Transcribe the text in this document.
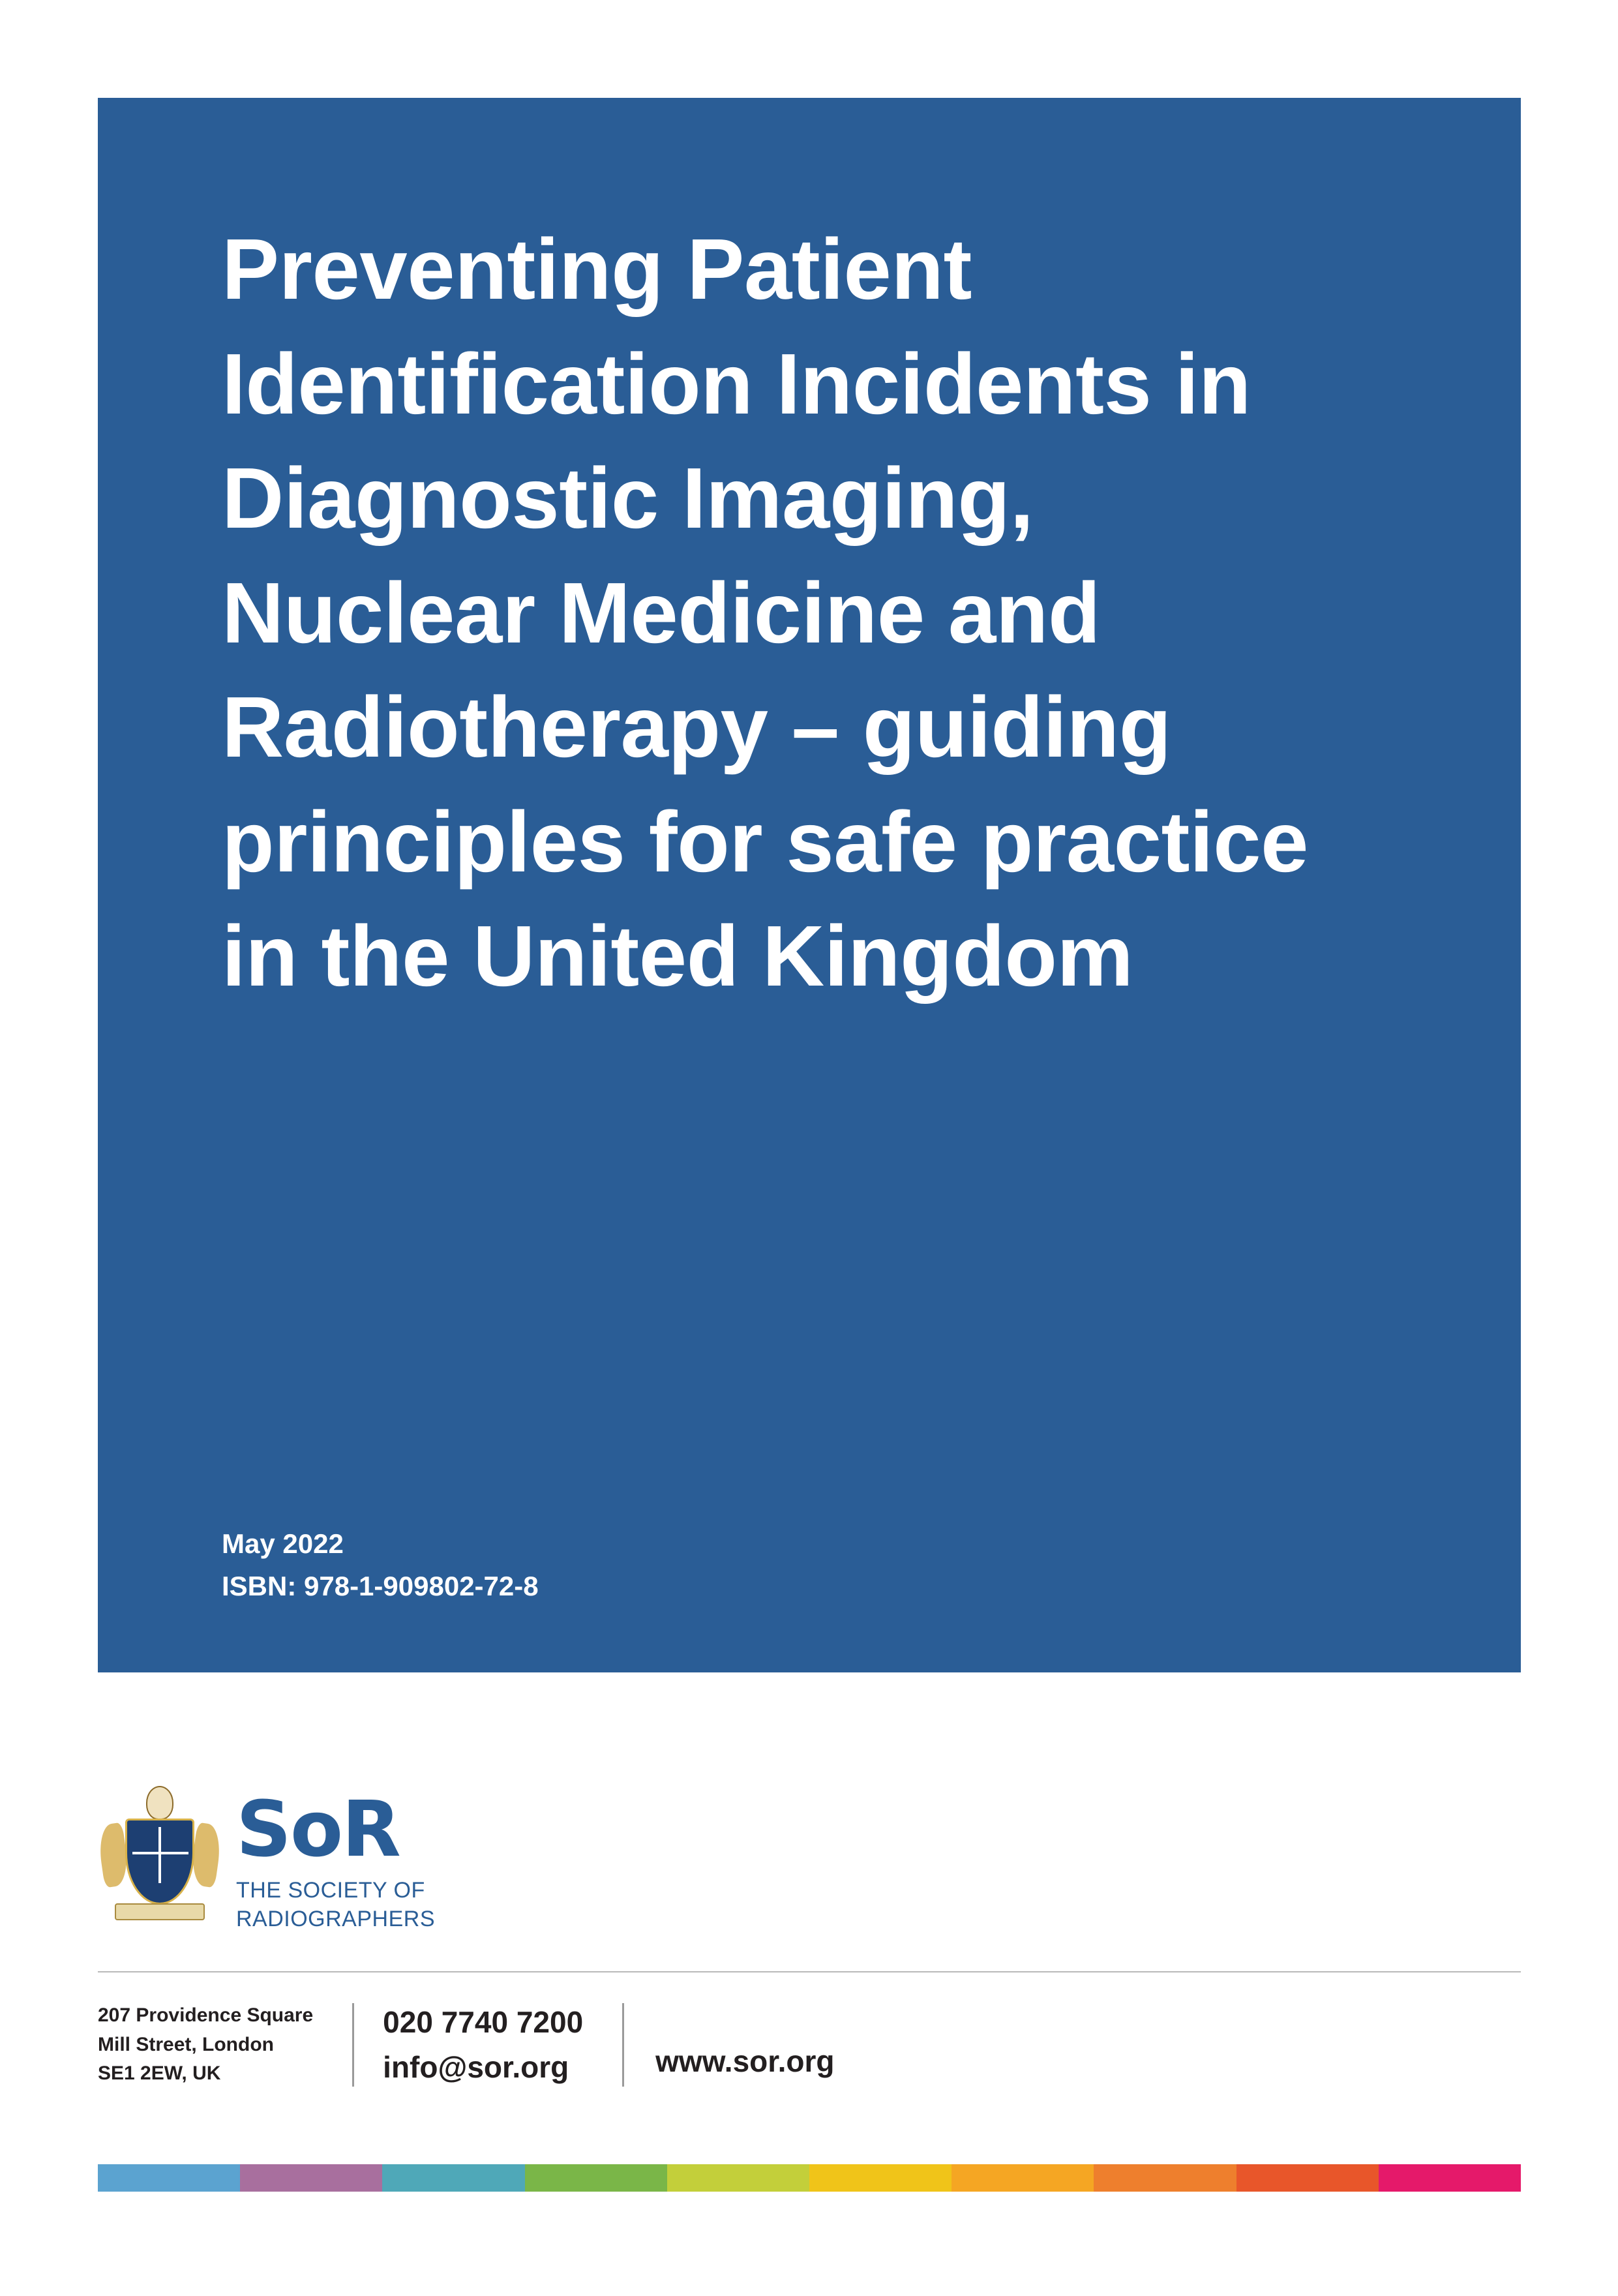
Preventing Patient Identification Incidents in Diagnostic Imaging, Nuclear Medicine and Radiotherapy – guiding principles for safe practice in the United Kingdom
May 2022
ISBN: 978-1-909802-72-8
SoR
THE SOCIETY OF
RADIOGRAPHERS
207 Providence Square
Mill Street, London
SE1 2EW, UK
020 7740 7200
info@sor.org	www.sor.org
